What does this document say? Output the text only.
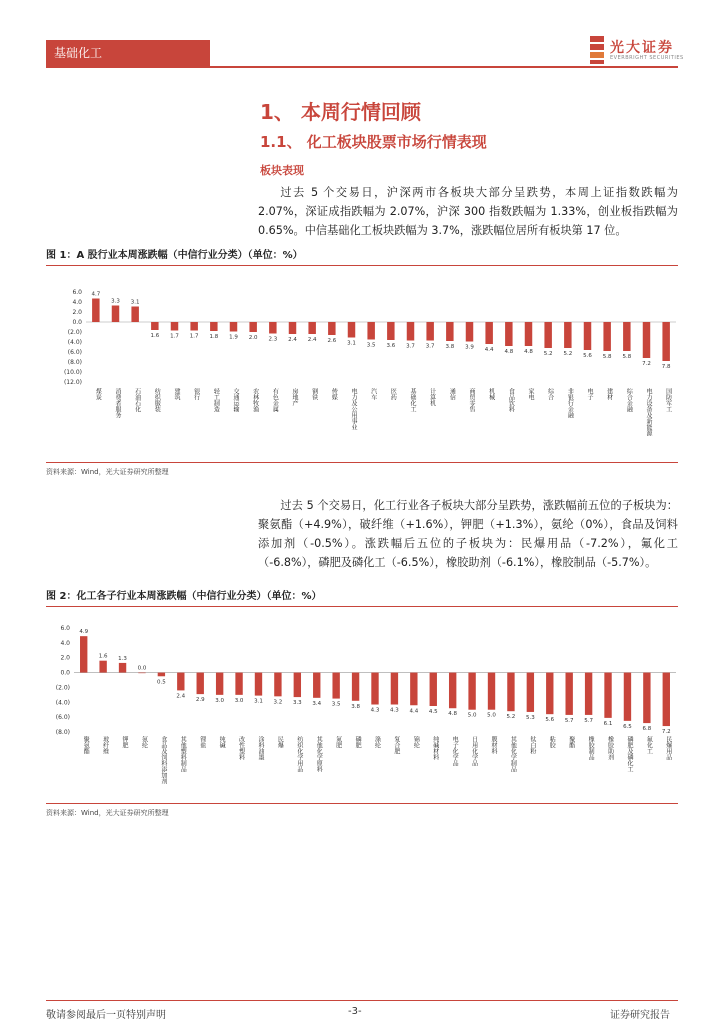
基础化工	光大证券
EVERBRIGHT SECURITIES
1、 本周行情回顾
1.1、 化工板块股票市场行情表现
板块表现
过去 5 个交易日，沪深两市各板块大部分呈跌势，本周上证指数跌幅为 2.07%，深证成指跌幅为 2.07%，沪深 300 指数跌幅为 1.33%，创业板指跌幅为 0.65%。中信基础化工板块跌幅为 3.7%，涨跌幅位居所有板块第 17 位。
图 1：A 股行业本周涨跌幅（中信行业分类）（单位：%）
6.0
4.0
2.0
0.0
(2.0)
(4.0)
(6.0)
(8.0)
(10.0)
(12.0)
4.7
煤炭
3.3
消费者服务
3.1
石油石化
1.6
纺织服装
1.7
建筑
1.7
银行
1.8
轻工制造
1.9
交通运输
2.0
农林牧渔
2.3
有色金属
2.4
房地产
2.4
钢铁
2.6
传媒
3.1
电力及公用事业
3.5
汽车
3.6
医药
3.7
基础化工
3.7
计算机
3.8
通信
3.9
商贸零售
4.4
机械
4.8
食品饮料
4.8
家电
5.2
综合
5.2
非银行金融
5.6
电子
5.8
建材
5.8
综合金融
7.2
电力设备及新能源
7.8
国防军工
资料来源：Wind，光大证券研究所整理
过去 5 个交易日，化工行业各子板块大部分呈跌势，涨跌幅前五位的子板块为：聚氨酯（+4.9%），破纤维（+1.6%），钾肥（+1.3%），氨纶（0%），食品及饲料添加剂（-0.5%）。涨跌幅后五位的子板块为：民爆用品（-7.2%），氟化工（-6.8%），磷肥及磷化工（-6.5%），橡胶助剂（-6.1%），橡胶制品（-5.7%）。
图 2：化工各子行业本周涨跌幅（中信行业分类）（单位：%）
6.0
4.0
2.0
0.0
(2.0)
(4.0)
(6.0)
(8.0)
4.9
聚氨酯
1.6
玻纤维
1.3
钾肥
0.0
氨纶
0.5
食品及饲料添加剂
2.4
其他塑料制品
2.9
锂盐
3.0
纯碱
3.0
改性塑料
3.1
涂料油墨
3.2
民爆
3.3
纺织化学用品
3.4
其他化学原料
3.5
氮肥
3.8
磷肥
4.3
涤纶
4.3
复合肥
4.4
锦纶
4.5
纯碱材料
4.8
电子化学品
5.0
日用化学品
5.0
膜材料
5.2
其他化学制品
5.3
钛白粉
5.6
粘胶
5.7
聚酯
5.7
橡胶制品
6.1
橡胶助剂
6.5
磷肥及磷化工
6.8
氟化工
7.2
民爆用品
资料来源：Wind，光大证券研究所整理
敬请参阅最后一页特别声明	-3-	证券研究报告
